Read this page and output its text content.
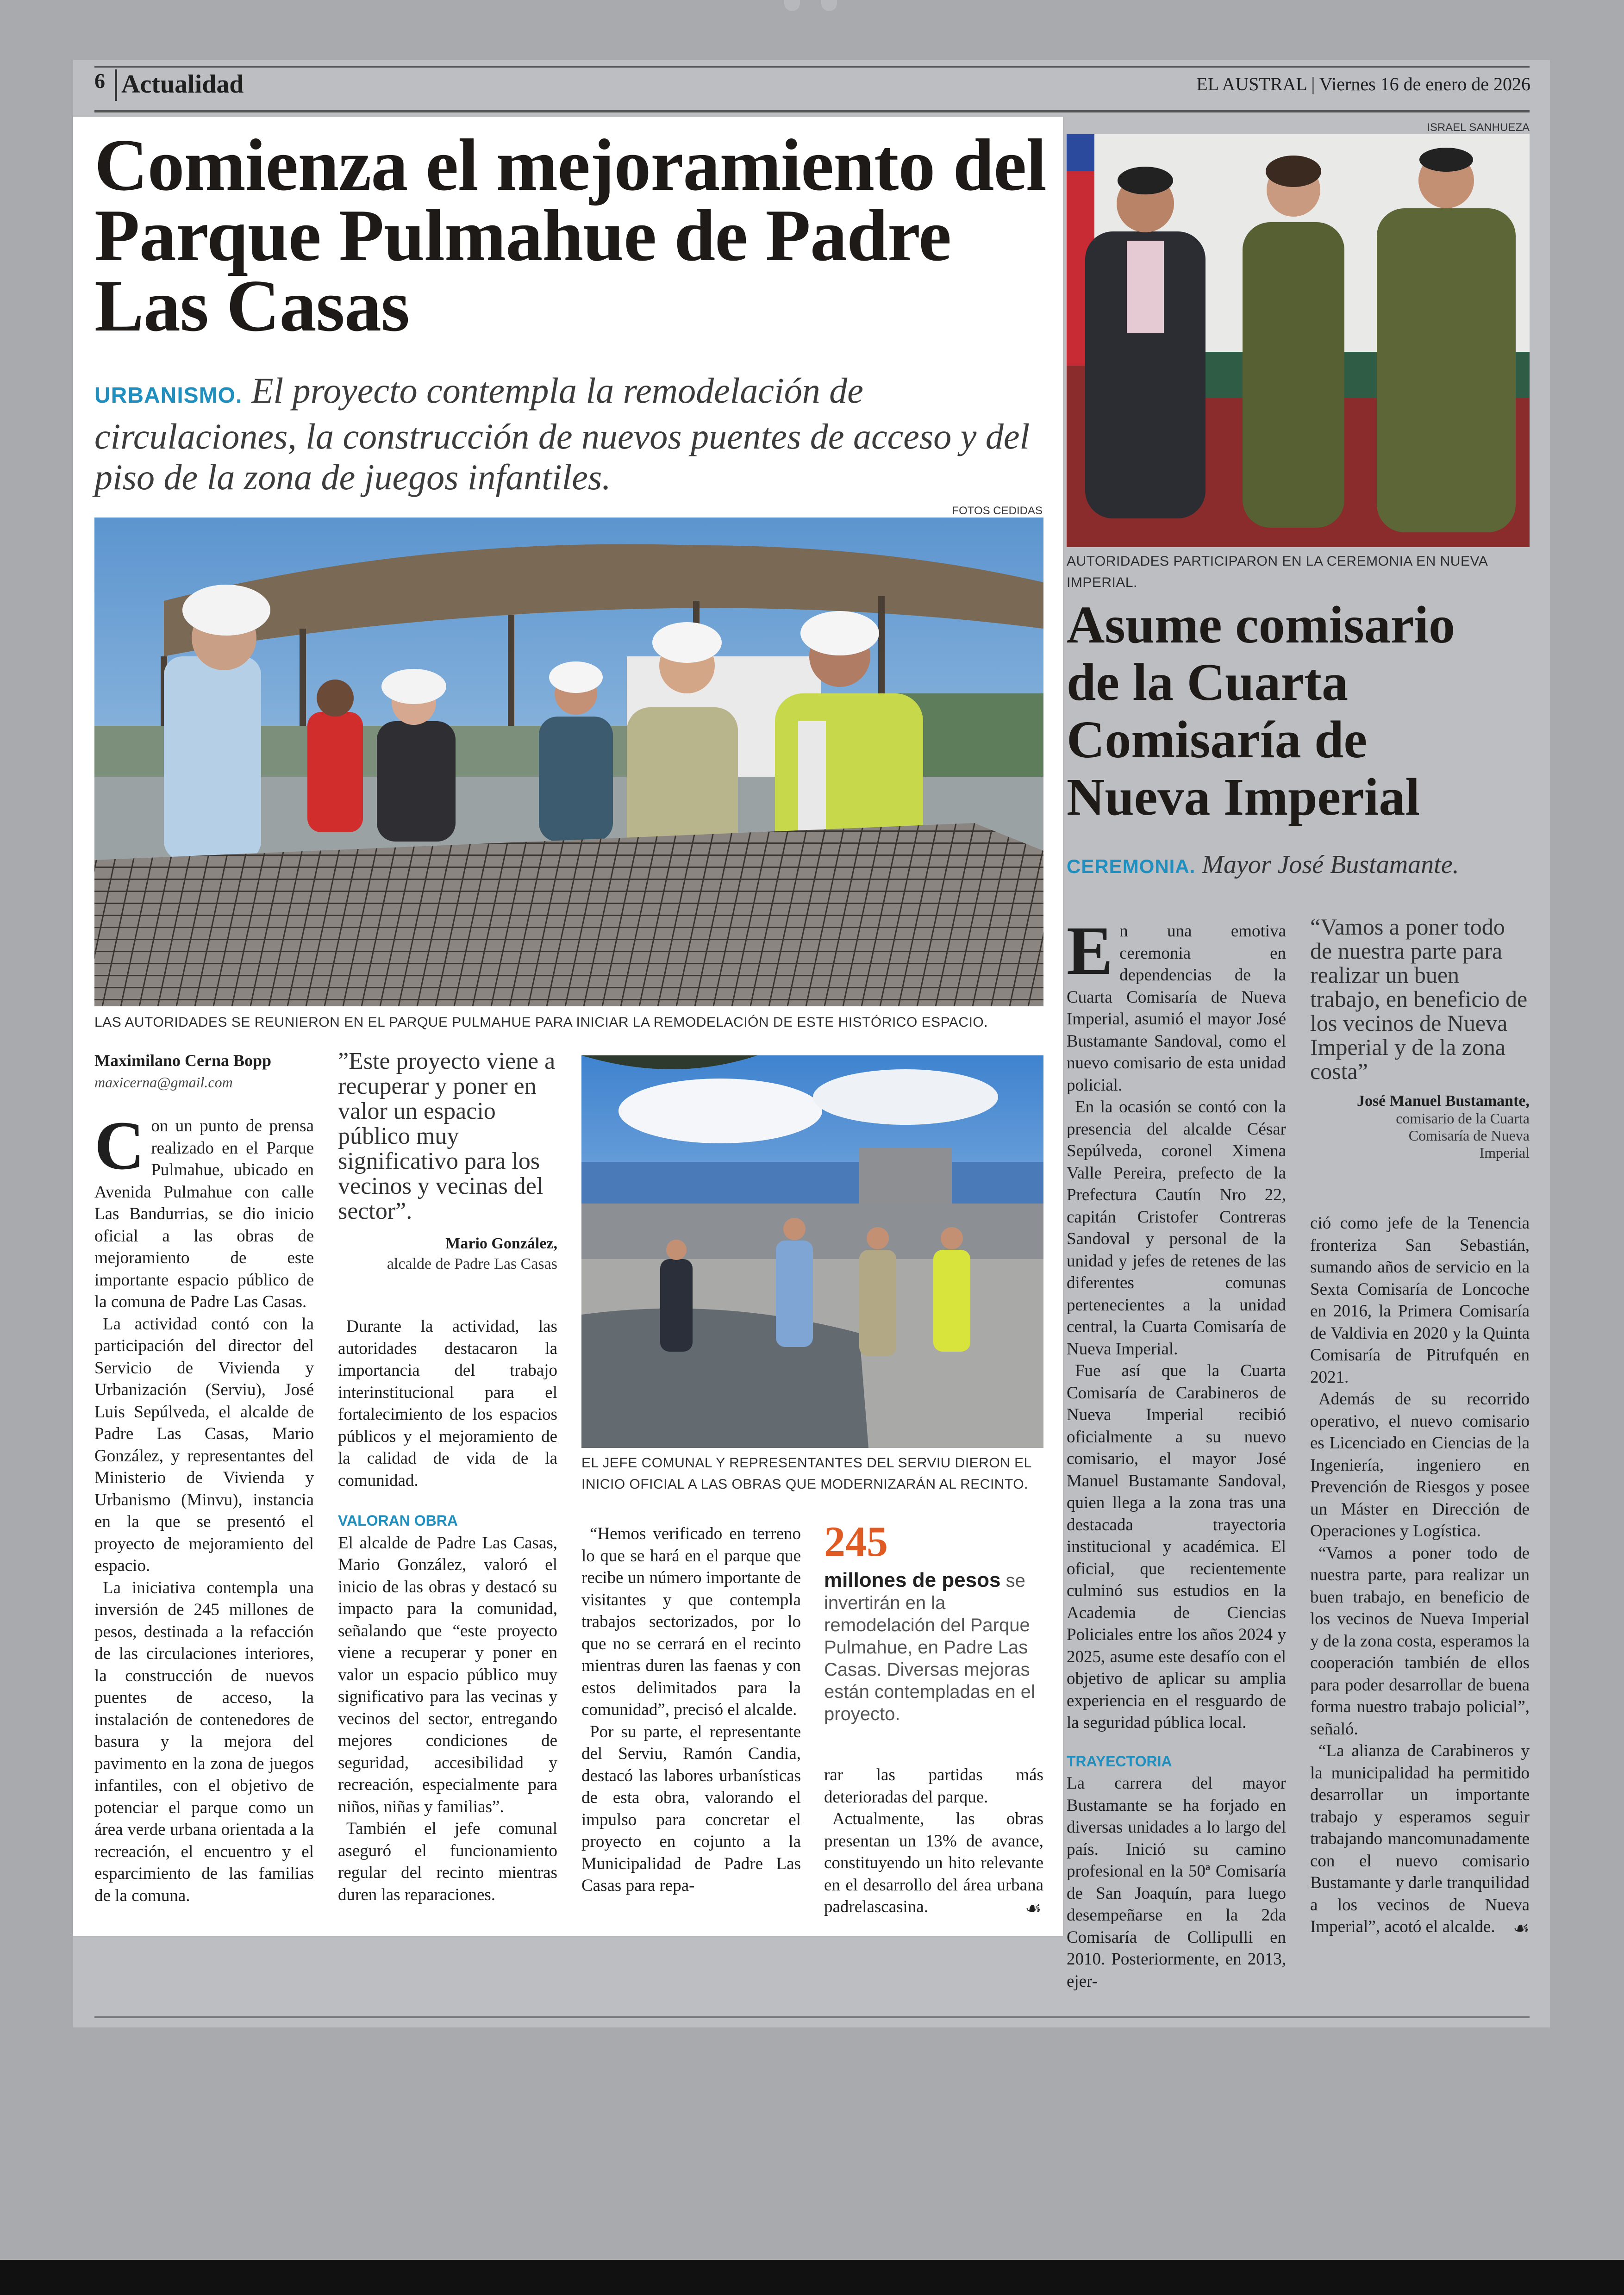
6 Actualidad	EL AUSTRAL | Viernes 16 de enero de 2026
Comienza el mejoramiento del Parque Pulmahue de Padre Las Casas
URBANISMO. El proyecto contempla la remodelación de circulaciones, la construcción de nuevos puentes de acceso y del piso de la zona de juegos infantiles.
FOTOS CEDIDAS
LAS AUTORIDADES SE REUNIERON EN EL PARQUE PULMAHUE PARA INICIAR LA REMODELACIÓN DE ESTE HISTÓRICO ESPACIO.
Maximilano Cerna Bopp
maxicerna@gmail.com
C on un punto de prensa realizado en el Parque Pulmahue, ubicado en Avenida Pulmahue con calle Las Bandurrias, se dio inicio oficial a las obras de mejoramiento de este importante espacio público de la comuna de Padre Las Casas.

La actividad contó con la participación del director del Servicio de Vivienda y Urbanización (Serviu), José Luis Sepúlveda, el alcalde de Padre Las Casas, Mario González, y representantes del Ministerio de Vivienda y Urbanismo (Minvu), instancia en la que se presentó el proyecto de mejoramiento del espacio.

La iniciativa contempla una inversión de 245 millones de pesos, destinada a la refacción de las circulaciones interiores, la construcción de nuevos puentes de acceso, la instalación de contenedores de basura y la mejora del pavimento en la zona de juegos infantiles, con el objetivo de potenciar el parque como un área verde urbana orientada a la recreación, el encuentro y el esparcimiento de las familias de la comuna.

”Este proyecto viene a recuperar y poner en valor un espacio público muy significativo para los vecinos y vecinas del sector”.
Mario González,
alcalde de Padre Las Casas

Durante la actividad, las autoridades destacaron la importancia del trabajo interinstitucional para el fortalecimiento de los espacios públicos y el mejoramiento de la calidad de vida de la comunidad.

VALORAN OBRA

El alcalde de Padre Las Casas, Mario González, valoró el inicio de las obras y destacó su impacto para la comunidad, señalando que “este proyecto viene a recuperar y poner en valor un espacio público muy significativo para las vecinas y vecinos del sector, entregando mejores condiciones de seguridad, accesibilidad y recreación, especialmente para niños, niñas y familias”.

También el jefe comunal aseguró el funcionamiento regular del recinto mientras duren las reparaciones.

EL JEFE COMUNAL Y REPRESENTANTES DEL SERVIU DIERON EL INICIO OFICIAL A LAS OBRAS QUE MODERNIZARÁN AL RECINTO.

“Hemos verificado en terreno lo que se hará en el parque que recibe un número importante de visitantes y que contempla trabajos sectorizados, por lo que no se cerrará en el recinto mientras duren las faenas y con estos delimitados para la comunidad”, precisó el alcalde.

Por su parte, el representante del Serviu, Ramón Candia, destacó las labores urbanísticas de esta obra, valorando el impulso para concretar el proyecto en cojunto a la Municipalidad de Padre Las Casas para repa-

245
millones de pesos se invertirán en la remodelación del Parque Pulmahue, en Padre Las Casas. Diversas mejoras están contempladas en el proyecto.

rar las partidas más deterioradas del parque.

Actualmente, las obras presentan un 13% de avance, constituyendo un hito relevante en el desarrollo del área urbana padrelascasina.	☙
ISRAEL SANHUEZA
AUTORIDADES PARTICIPARON EN LA CEREMONIA EN NUEVA IMPERIAL.
Asume comisario de la Cuarta Comisaría de Nueva Imperial
CEREMONIA. Mayor José Bustamante.
E n una emotiva ceremonia en dependencias de la Cuarta Comisaría de Nueva Imperial, asumió el mayor José Bustamante Sandoval, como el nuevo comisario de esta unidad policial.

En la ocasión se contó con la presencia del alcalde César Sepúlveda, coronel Ximena Valle Pereira, prefecto de la Prefectura Cautín Nro 22, capitán Cristofer Contreras Sandoval y personal de la unidad y jefes de retenes de las diferentes comunas pertenecientes a la unidad central, la Cuarta Comisaría de Nueva Imperial.

Fue así que la Cuarta Comisaría de Carabineros de Nueva Imperial recibió oficialmente a su nuevo comisario, el mayor José Manuel Bustamante Sandoval, quien llega a la zona tras una destacada trayectoria institucional y académica. El oficial, que recientemente culminó sus estudios en la Academia de Ciencias Policiales entre los años 2024 y 2025, asume este desafío con el objetivo de aplicar su amplia experiencia en el resguardo de la seguridad pública local.

TRAYECTORIA

La carrera del mayor Bustamante se ha forjado en diversas unidades a lo largo del país. Inició su camino profesional en la 50ª Comisaría de San Joaquín, para luego desempeñarse en la 2da Comisaría de Collipulli en 2010. Posteriormente, en 2013, ejer-

“Vamos a poner todo de nuestra parte para realizar un buen trabajo, en beneficio de los vecinos de Nueva Imperial y de la zona costa”
José Manuel Bustamante,
comisario de la Cuarta Comisaría de Nueva Imperial

ció como jefe de la Tenencia fronteriza San Sebastián, sumando años de servicio en la Sexta Comisaría de Loncoche en 2016, la Primera Comisaría de Valdivia en 2020 y la Quinta Comisaría de Pitrufquén en 2021.

Además de su recorrido operativo, el nuevo comisario es Licenciado en Ciencias de la Ingeniería, ingeniero en Prevención de Riesgos y posee un Máster en Dirección de Operaciones y Logística.

“Vamos a poner todo de nuestra parte, para realizar un buen trabajo, en beneficio de los vecinos de Nueva Imperial y de la zona costa, esperamos la cooperación también de ellos para poder desarrollar de buena forma nuestro trabajo policial”, señaló.

“La alianza de Carabineros y la municipalidad ha permitido desarrollar un importante trabajo y esperamos seguir trabajando mancomunadamente con el nuevo comisario Bustamante y darle tranquilidad a los vecinos de Nueva Imperial”, acotó el alcalde. ☙
